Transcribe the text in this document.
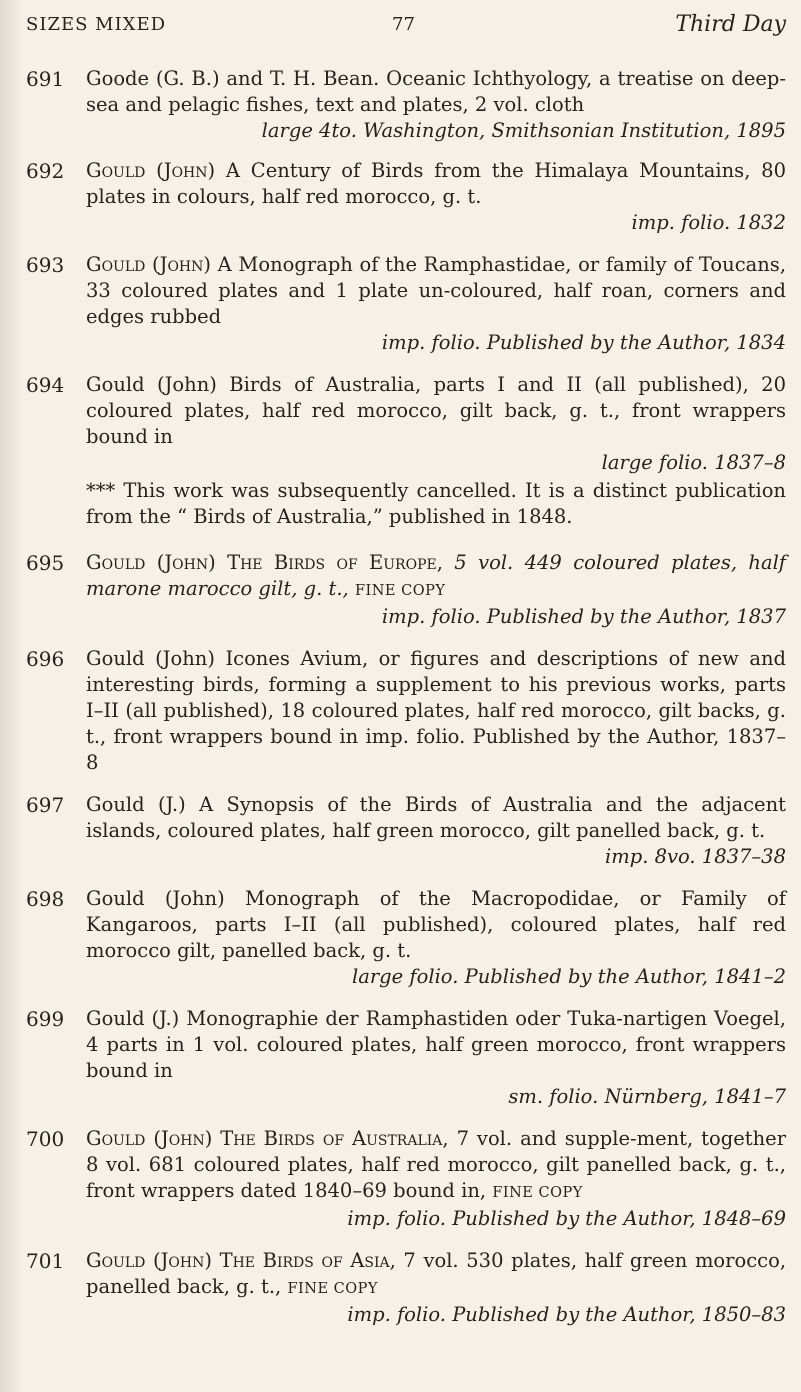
SIZES MIXED	77	Third Day
691	Goode (G. B.) and T. H. Bean. Oceanic Ichthyology, a treatise on deep-sea and pelagic fishes, text and plates, 2 vol. cloth
large 4to. Washington, Smithsonian Institution, 1895
692	Gould (John) A Century of Birds from the Himalaya Mountains, 80 plates in colours, half red morocco, g. t.
imp. folio. 1832
693	Gould (John) A Monograph of the Ramphastidae, or family of Toucans, 33 coloured plates and 1 plate un-coloured, half roan, corners and edges rubbed
imp. folio. Published by the Author, 1834
694	Gould (John) Birds of Australia, parts I and II (all published), 20 coloured plates, half red morocco, gilt back, g. t., front wrappers bound in
large folio. 1837–8
*** This work was subsequently cancelled. It is a distinct publication from the “ Birds of Australia,” published in 1848.
695	Gould (John) The Birds of Europe, 5 vol. 449 coloured plates, half marone marocco gilt, g. t., FINE COPY
imp. folio. Published by the Author, 1837
696	Gould (John) Icones Avium, or figures and descriptions of new and interesting birds, forming a supplement to his previous works, parts I–II (all published), 18 coloured plates, half red morocco, gilt backs, g. t., front wrappers bound in imp. folio. Published by the Author, 1837–8
697	Gould (J.) A Synopsis of the Birds of Australia and the adjacent islands, coloured plates, half green morocco, gilt panelled back, g. t.
imp. 8vo. 1837–38
698	Gould (John) Monograph of the Macropodidae, or Family of Kangaroos, parts I–II (all published), coloured plates, half red morocco gilt, panelled back, g. t.
large folio. Published by the Author, 1841–2
699	Gould (J.) Monographie der Ramphastiden oder Tuka-nartigen Voegel, 4 parts in 1 vol. coloured plates, half green morocco, front wrappers bound in
sm. folio. Nürnberg, 1841–7
700	Gould (John) The Birds of Australia, 7 vol. and supple-ment, together 8 vol. 681 coloured plates, half red morocco, gilt panelled back, g. t., front wrappers dated 1840–69 bound in, FINE COPY
imp. folio. Published by the Author, 1848–69
701	Gould (John) The Birds of Asia, 7 vol. 530 plates, half green morocco, panelled back, g. t., FINE COPY
imp. folio. Published by the Author, 1850–83
